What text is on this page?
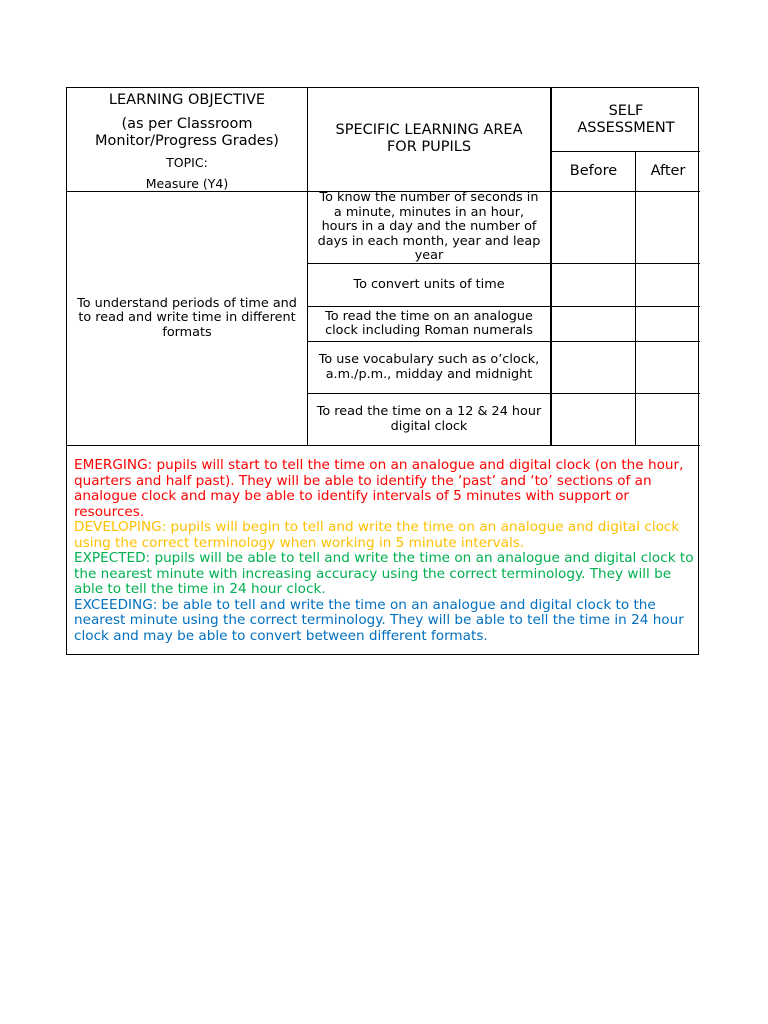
LEARNING OBJECTIVE
(as per Classroom Monitor/Progress Grades)
TOPIC:
Measure (Y4)
SPECIFIC LEARNING AREA FOR PUPILS
SELF ASSESSMENT
Before After
To understand periods of time and to read and write time in different formats
To know the number of seconds in a minute, minutes in an hour, hours in a day and the number of days in each month, year and leap year
To convert units of time
To read the time on an analogue clock including Roman numerals
To use vocabulary such as o’clock, a.m./p.m., midday and midnight
To read the time on a 12 & 24 hour digital clock

EMERGING: pupils will start to tell the time on an analogue and digital clock (on the hour, quarters and half past). They will be able to identify the ‘past’ and ‘to’ sections of an analogue clock and may be able to identify intervals of 5 minutes with support or resources.

DEVELOPING: pupils will begin to tell and write the time on an analogue and digital clock using the correct terminology when working in 5 minute intervals.

EXPECTED: pupils will be able to tell and write the time on an analogue and digital clock to the nearest minute with increasing accuracy using the correct terminology. They will be able to tell the time in 24 hour clock.

EXCEEDING: be able to tell and write the time on an analogue and digital clock to the nearest minute using the correct terminology. They will be able to tell the time in 24 hour clock and may be able to convert between different formats.
